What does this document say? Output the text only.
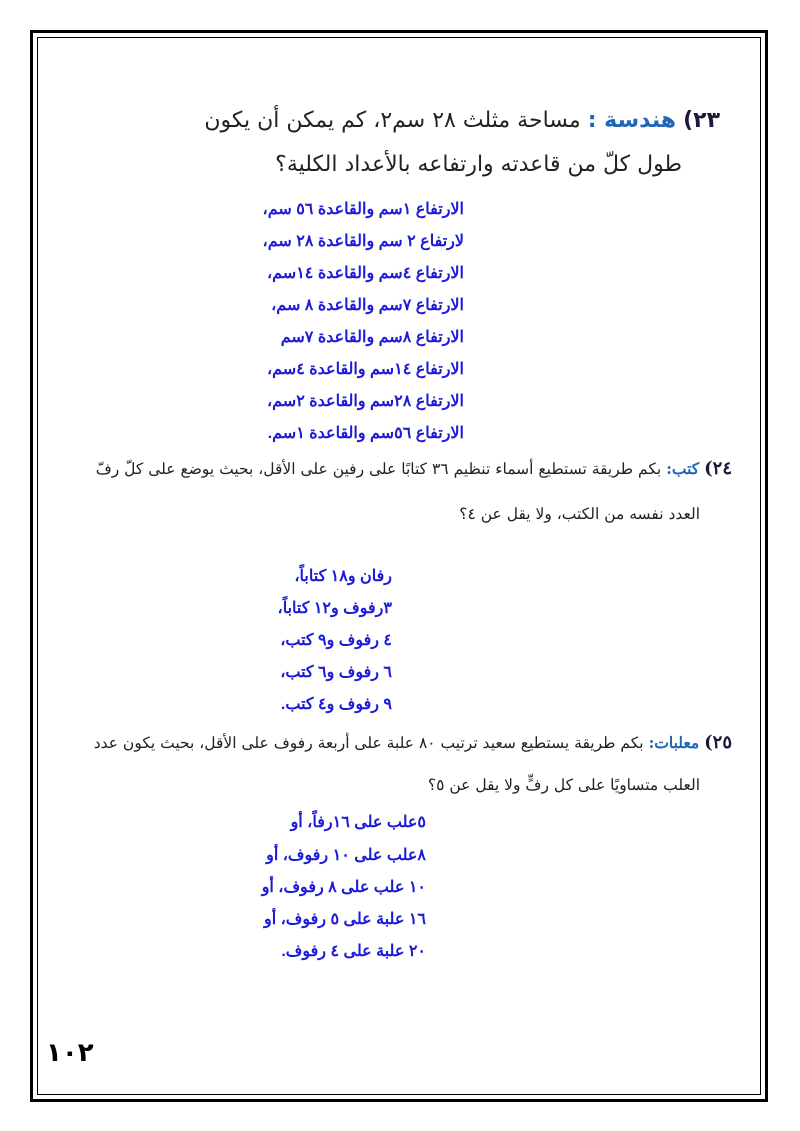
٢٣) هندسة : مساحة مثلث ٢٨ سم٢، كم يمكن أن يكون
طول كلّ من قاعدته وارتفاعه بالأعداد الكلية؟
الارتفاع ١سم والقاعدة ٥٦ سم،
لارتفاع ٢ سم والقاعدة ٢٨ سم،
الارتفاع ٤سم والقاعدة ١٤سم،
الارتفاع ٧سم والقاعدة ٨ سم،
الارتفاع ٨سم والقاعدة ٧سم
الارتفاع ١٤سم والقاعدة ٤سم،
الارتفاع ٢٨سم والقاعدة ٢سم،
الارتفاع ٥٦سم والقاعدة ١سم.
٢٤) كتب: بكم طريقة تستطيع أسماء تنظيم ٣٦ كتابًا على رفين على الأقل، بحيث يوضع على كلّ رفّ
العدد نفسه من الكتب، ولا يقل عن ٤؟
رفان و١٨ كتاباً،
٣رفوف و١٢ كتاباً،
٤ رفوف و٩ كتب،
٦ رفوف و٦ كتب،
٩ رفوف و٤ كتب.
٢٥) معلبات: بكم طريقة يستطيع سعيد ترتيب ٨٠ علبة على أربعة رفوف على الأقل، بحيث يكون عدد
العلب متساويًا على كل رفٍّ ولا يقل عن ٥؟
٥علب على ١٦رفاً، أو
٨علب على ١٠ رفوف، أو
١٠ علب على ٨ رفوف، أو
١٦ علبة على ٥ رفوف، أو
٢٠ علبة على ٤ رفوف.
١٠٢
